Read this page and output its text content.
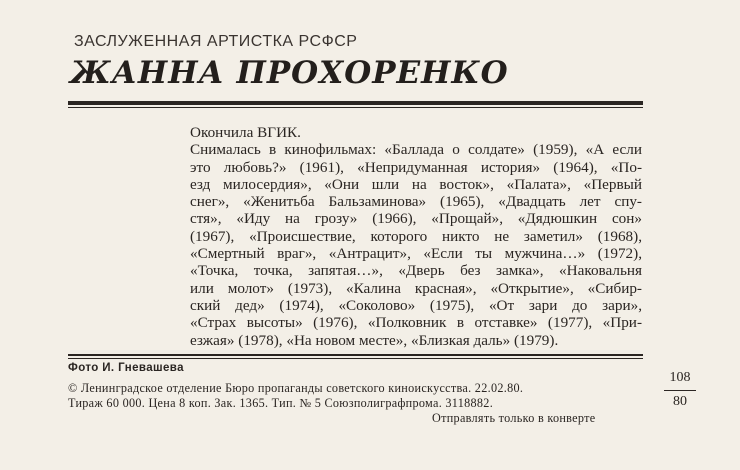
ЗАСЛУЖЕННАЯ АРТИСТКА РСФСР
ЖАННА ПРОХОРЕНКО
Окончила ВГИК.
Снималась в кинофильмах: «Баллада о солдате» (1959), «А если
это любовь?» (1961), «Непридуманная история» (1964), «По-
езд милосердия», «Они шли на восток», «Палата», «Первый
снег», «Женитьба Бальзаминова» (1965), «Двадцать лет спу-
стя», «Иду на грозу» (1966), «Прощай», «Дядюшкин сон»
(1967), «Происшествие, которого никто не заметил» (1968),
«Смертный враг», «Антрацит», «Если ты мужчина…» (1972),
«Точка, точка, запятая…», «Дверь без замка», «Наковальня
или молот» (1973), «Калина красная», «Открытие», «Сибир-
ский дед» (1974), «Соколово» (1975), «От зари до зари»,
«Страх высоты» (1976), «Полковник в отставке» (1977), «При-
езжая» (1978), «На новом месте», «Близкая даль» (1979).
Фото И. Гневашева
© Ленинградское отделение Бюро пропаганды советского киноискусства. 22.02.80.
Тираж 60 000. Цена 8 коп. Зак. 1365. Тип. № 5 Союзполиграфпрома. 3118882.
Отправлять только в конверте
108
80
